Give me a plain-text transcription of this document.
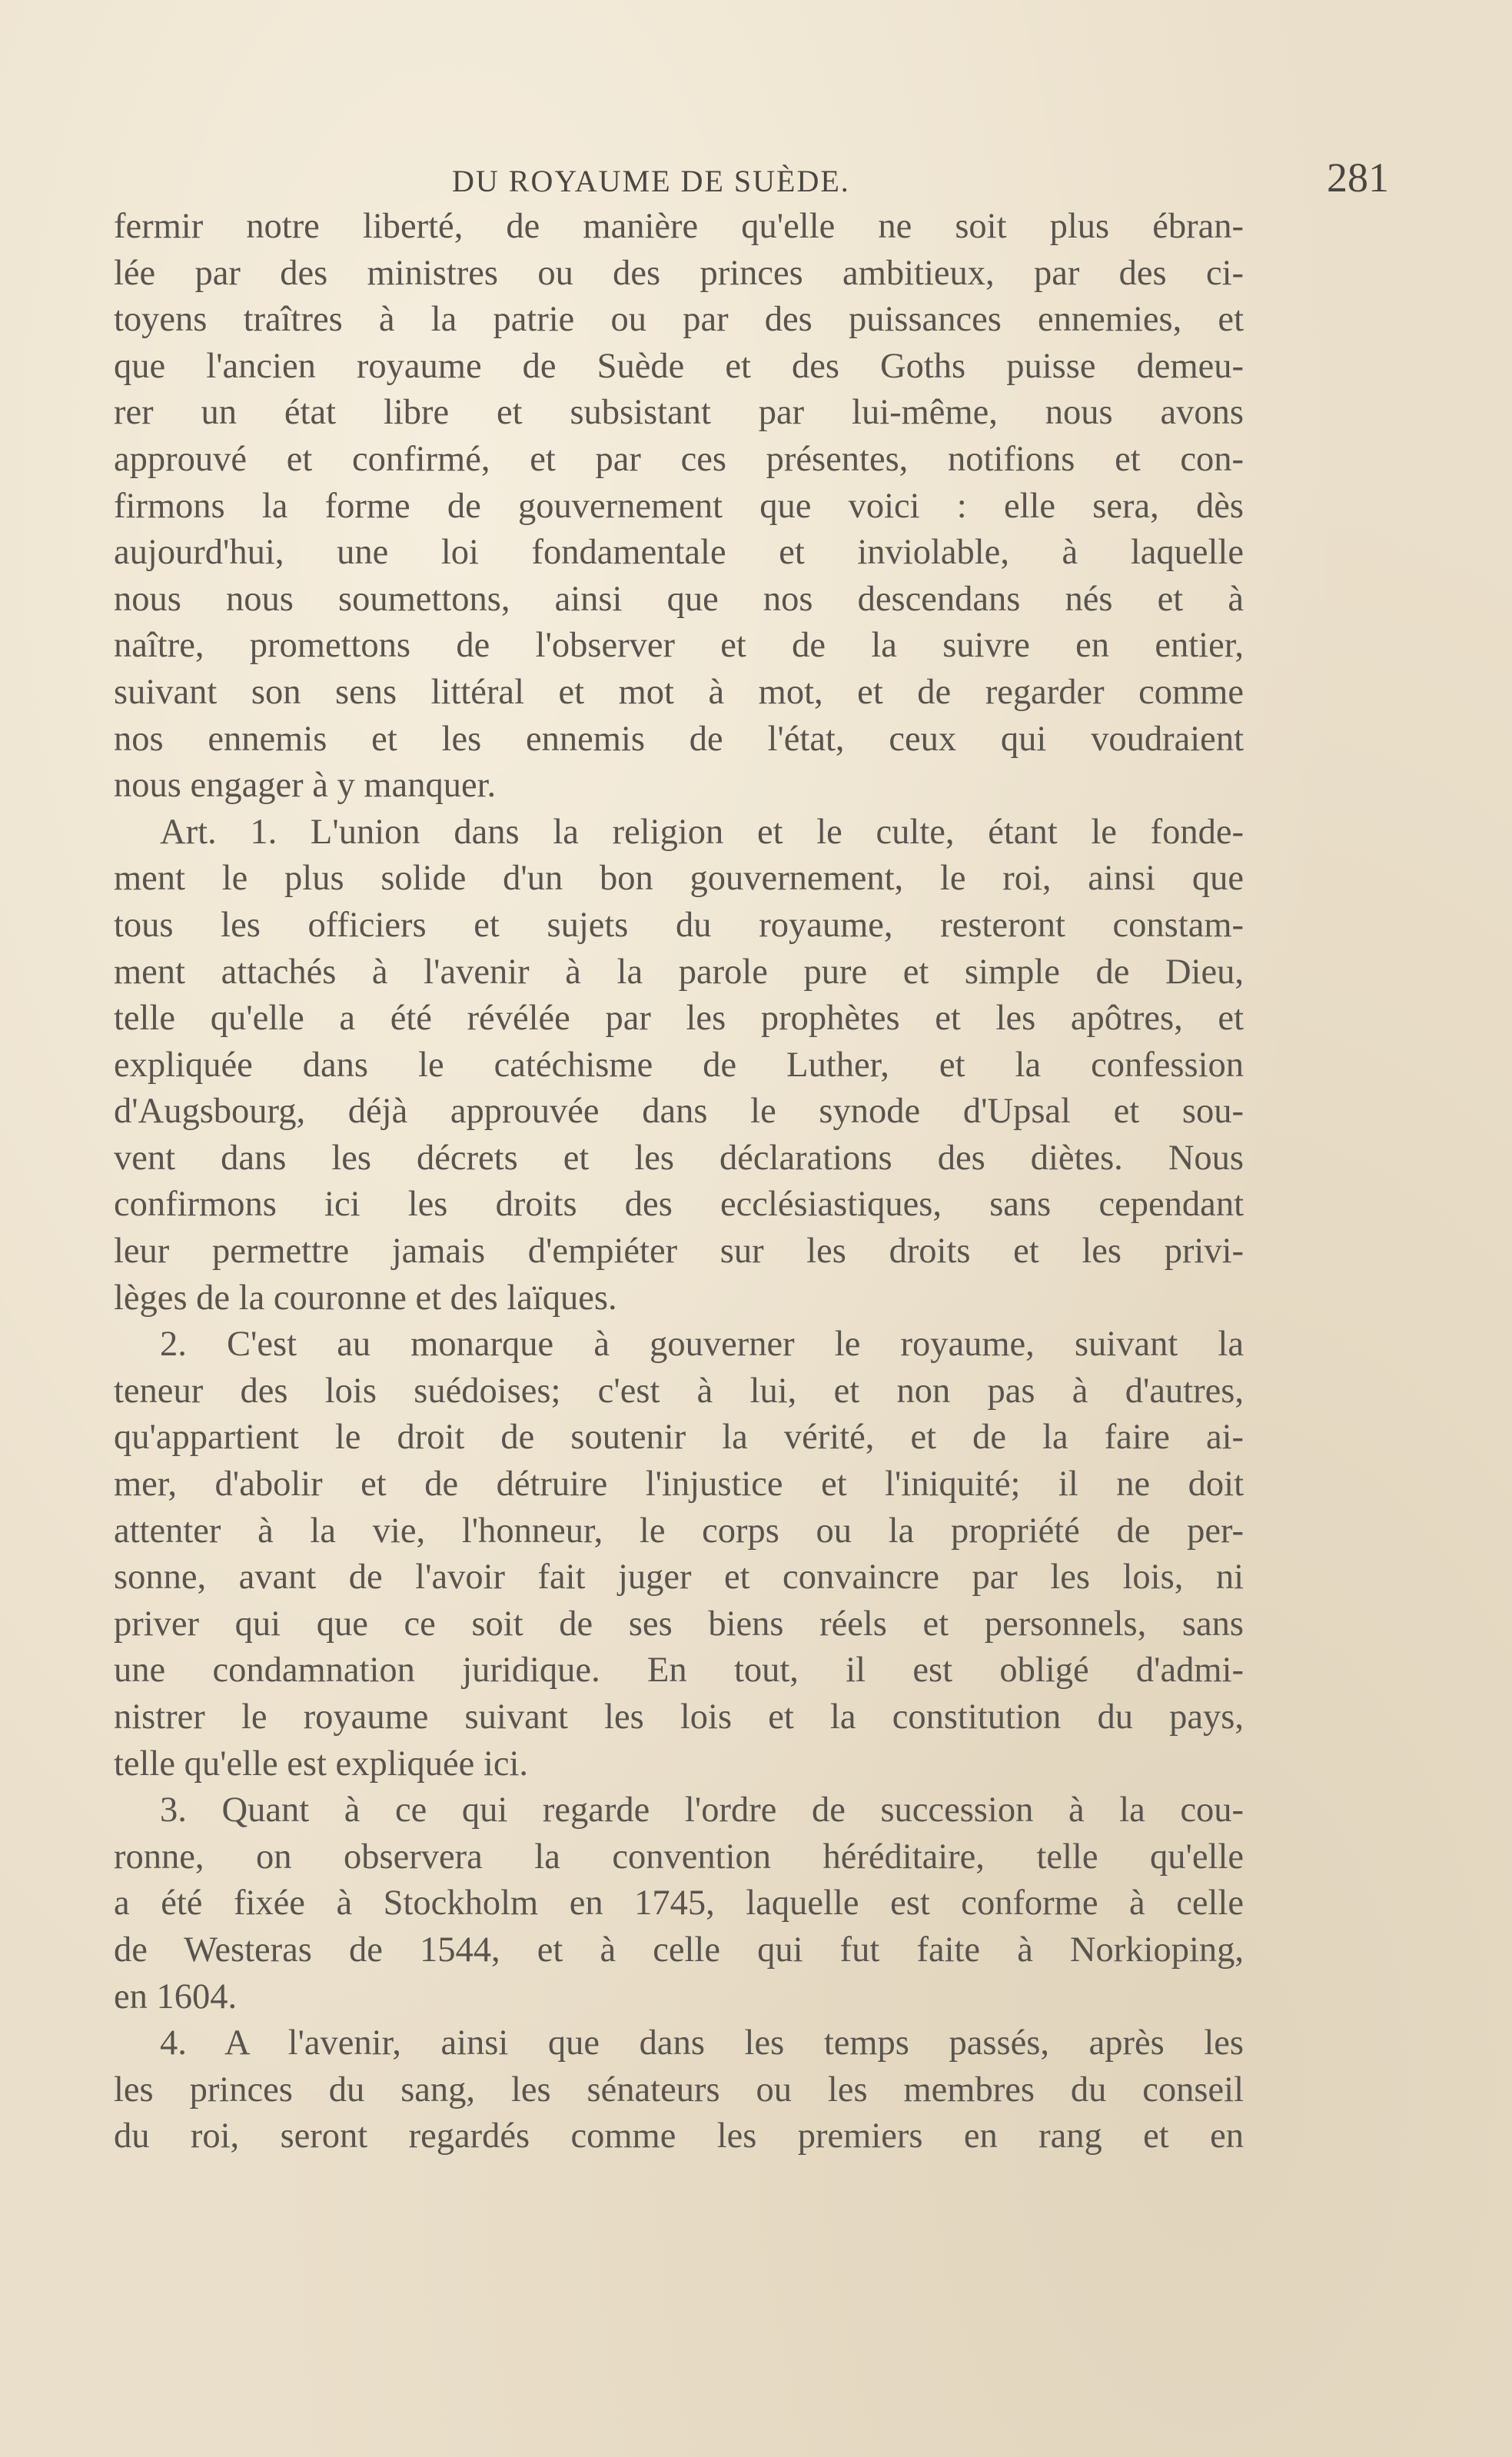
DU ROYAUME DE SUÈDE.	281
fermir notre liberté, de manière qu'elle ne soit plus ébran-
lée par des ministres ou des princes ambitieux, par des ci-
toyens traîtres à la patrie ou par des puissances ennemies, et
que l'ancien royaume de Suède et des Goths puisse demeu-
rer un état libre et subsistant par lui-même, nous avons
approuvé et confirmé, et par ces présentes, notifions et con-
firmons la forme de gouvernement que voici : elle sera, dès
aujourd'hui, une loi fondamentale et inviolable, à laquelle
nous nous soumettons, ainsi que nos descendans nés et à
naître, promettons de l'observer et de la suivre en entier,
suivant son sens littéral et mot à mot, et de regarder comme
nos ennemis et les ennemis de l'état, ceux qui voudraient
nous engager à y manquer.
Art. 1. L'union dans la religion et le culte, étant le fonde-
ment le plus solide d'un bon gouvernement, le roi, ainsi que
tous les officiers et sujets du royaume, resteront constam-
ment attachés à l'avenir à la parole pure et simple de Dieu,
telle qu'elle a été révélée par les prophètes et les apôtres, et
expliquée dans le catéchisme de Luther, et la confession
d'Augsbourg, déjà approuvée dans le synode d'Upsal et sou-
vent dans les décrets et les déclarations des diètes. Nous
confirmons ici les droits des ecclésiastiques, sans cependant
leur permettre jamais d'empiéter sur les droits et les privi-
lèges de la couronne et des laïques.
2. C'est au monarque à gouverner le royaume, suivant la
teneur des lois suédoises; c'est à lui, et non pas à d'autres,
qu'appartient le droit de soutenir la vérité, et de la faire ai-
mer, d'abolir et de détruire l'injustice et l'iniquité; il ne doit
attenter à la vie, l'honneur, le corps ou la propriété de per-
sonne, avant de l'avoir fait juger et convaincre par les lois, ni
priver qui que ce soit de ses biens réels et personnels, sans
une condamnation juridique. En tout, il est obligé d'admi-
nistrer le royaume suivant les lois et la constitution du pays,
telle qu'elle est expliquée ici.
3. Quant à ce qui regarde l'ordre de succession à la cou-
ronne, on observera la convention héréditaire, telle qu'elle
a été fixée à Stockholm en 1745, laquelle est conforme à celle
de Westeras de 1544, et à celle qui fut faite à Norkioping,
en 1604.
4. A l'avenir, ainsi que dans les temps passés, après les
les princes du sang, les sénateurs ou les membres du conseil
du roi, seront regardés comme les premiers en rang et en
